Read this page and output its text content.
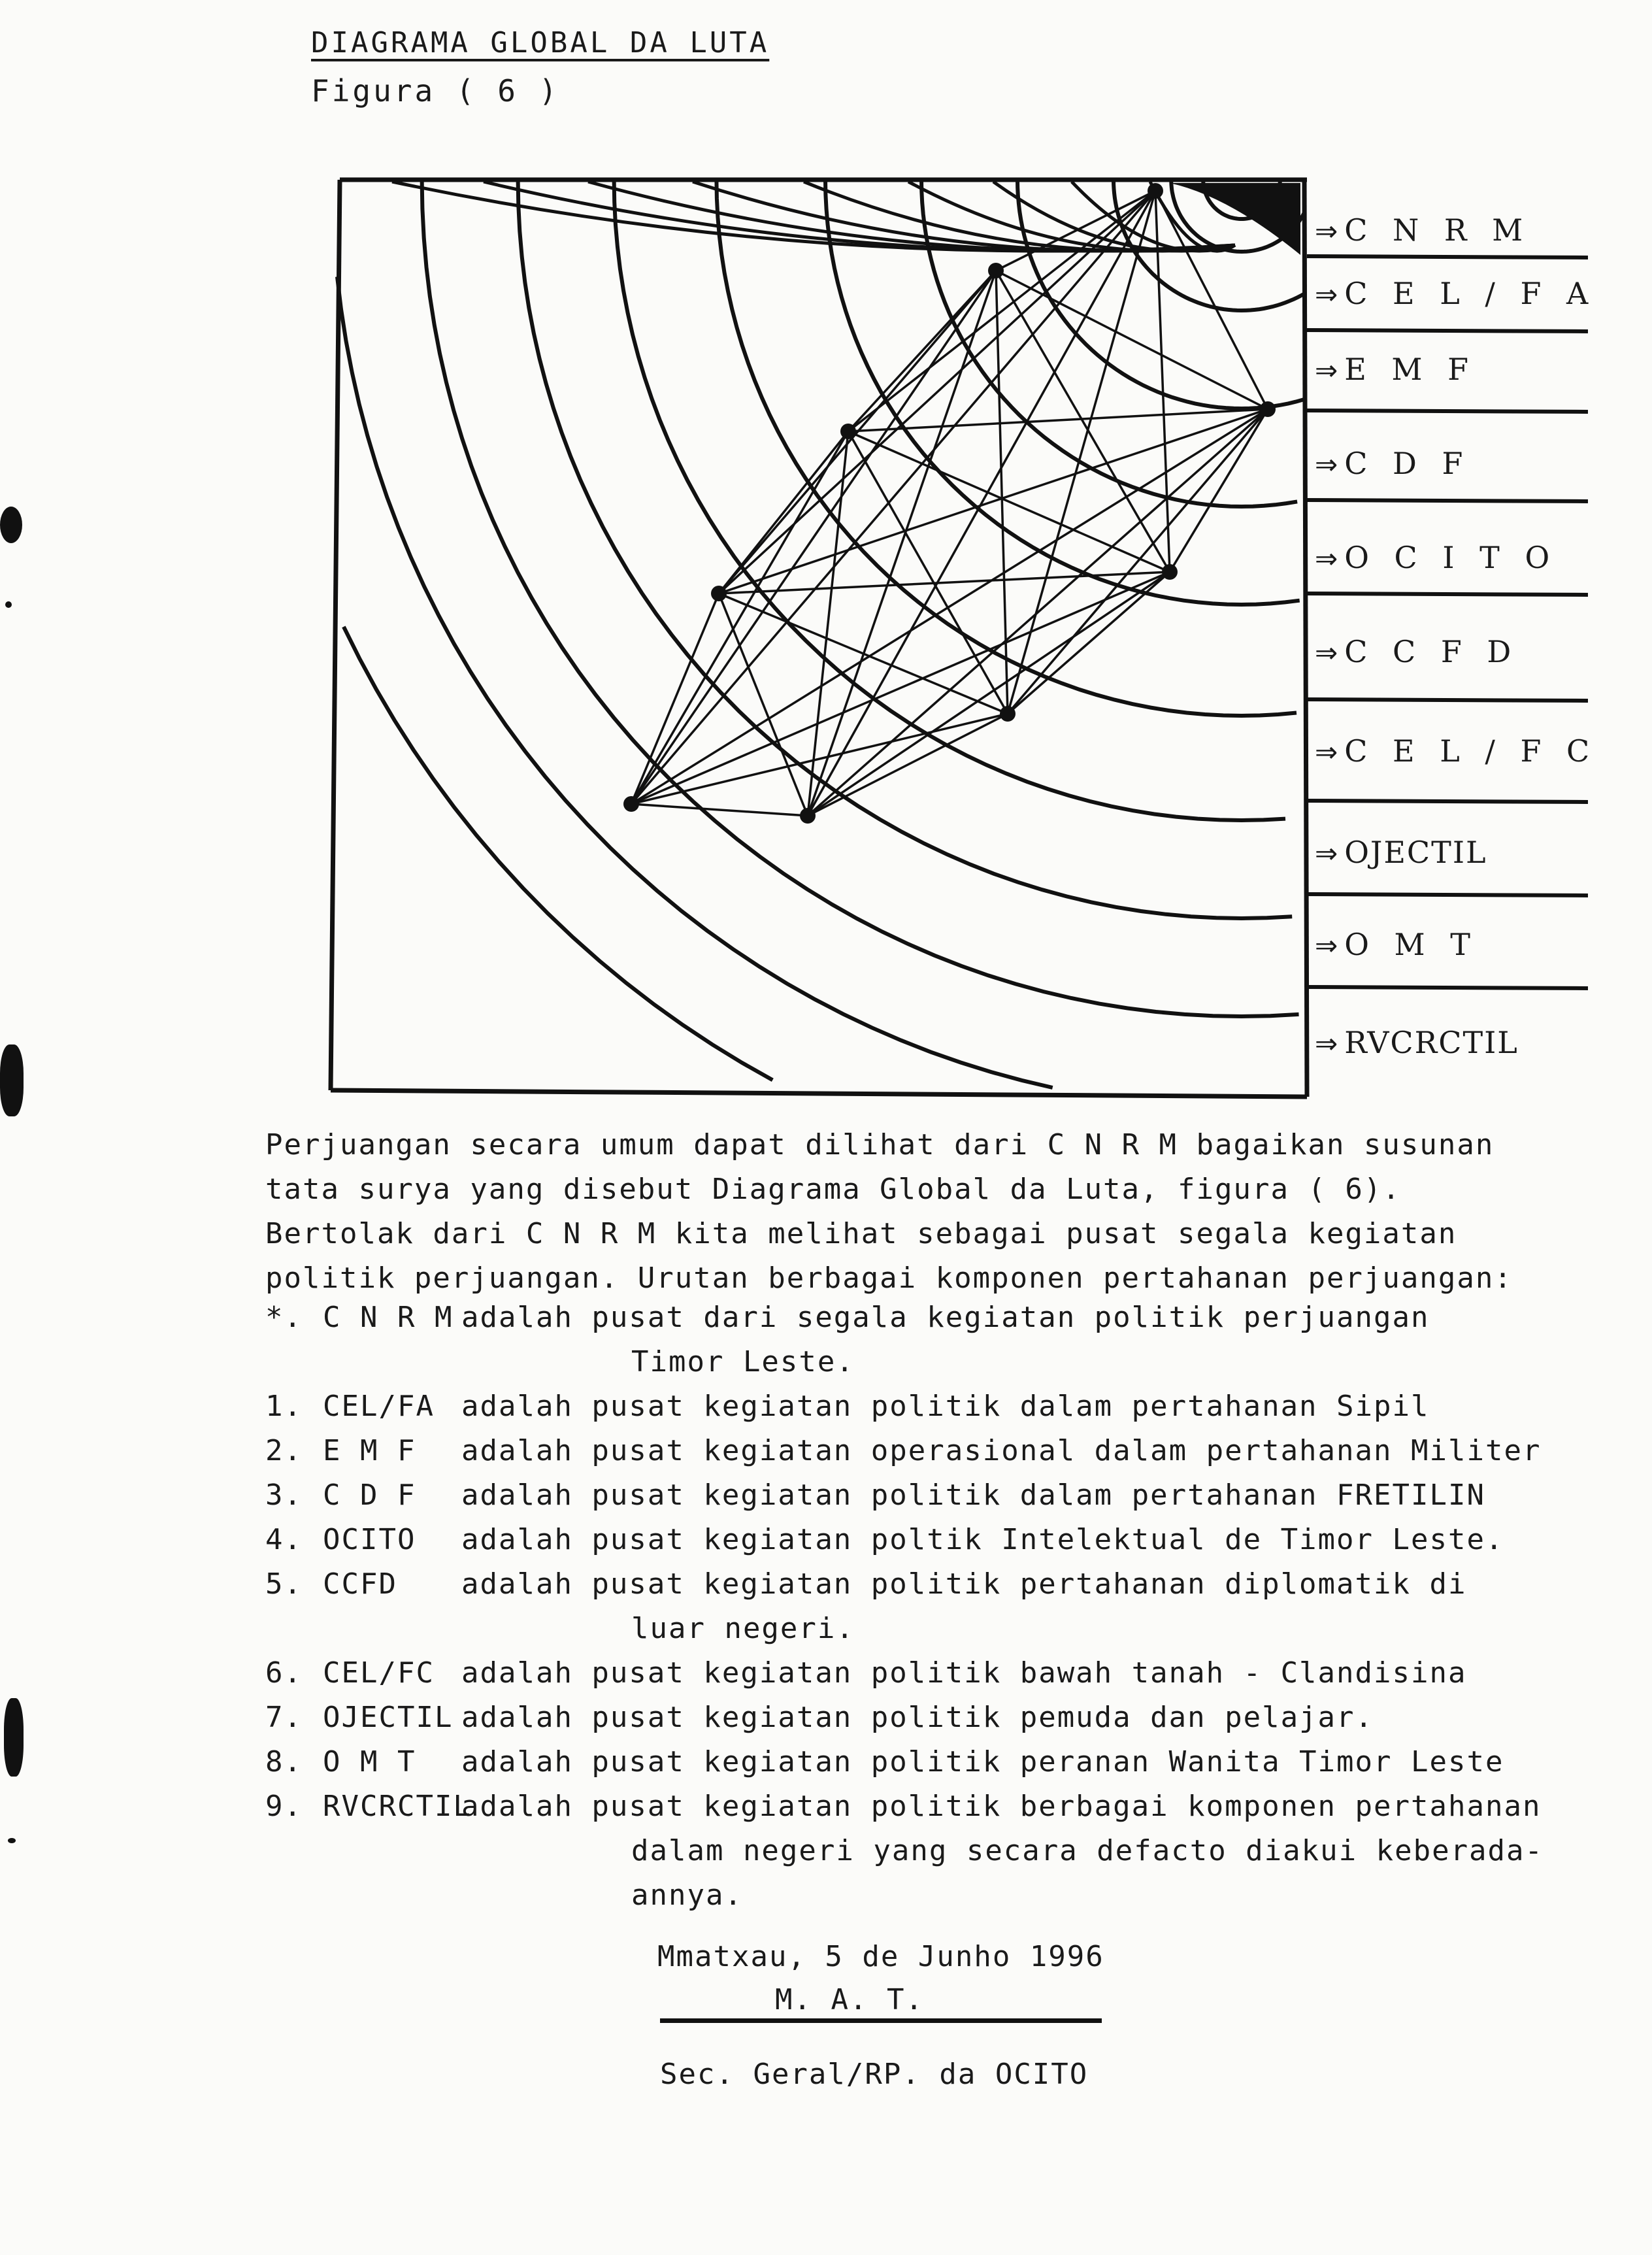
DIAGRAMA GLOBAL DA LUTA
Figura ( 6 )
⇒ C N R M
⇒ C E L / F A
⇒ E M F
⇒ C D F
⇒ O C I T O
⇒ C C F D
⇒ C E L / F C
⇒ OJECTIL
⇒ O M T
⇒ RVCRCTIL

Perjuangan secara umum dapat dilihat dari C N R M bagaikan susunan

tata surya yang disebut Diagrama Global da Luta, figura ( 6).

Bertolak dari C N R M kita melihat sebagai pusat segala kegiatan

politik perjuangan. Urutan berbagai komponen pertahanan perjuangan:

*. C N R M adalah pusat dari segala kegiatan politik perjuangan
Timor Leste.
1. CEL/FA adalah pusat kegiatan politik dalam pertahanan Sipil
2. E M F adalah pusat kegiatan operasional dalam pertahanan Militer
3. C D F adalah pusat kegiatan politik dalam pertahanan FRETILIN
4. OCITO adalah pusat kegiatan poltik Intelektual de Timor Leste.
5. CCFD adalah pusat kegiatan politik pertahanan diplomatik di
luar negeri.
6. CEL/FC adalah pusat kegiatan politik bawah tanah - Clandisina
7. OJECTIL adalah pusat kegiatan politik pemuda dan pelajar.
8. O M T adalah pusat kegiatan politik peranan Wanita Timor Leste
9. RVCRCTIL
adalah pusat kegiatan politik berbagai komponen pertahanan
dalam negeri yang secara defacto diakui keberada-
annya.
Mmatxau, 5 de Junho 1996
M. A. T.
Sec. Geral/RP. da OCITO
